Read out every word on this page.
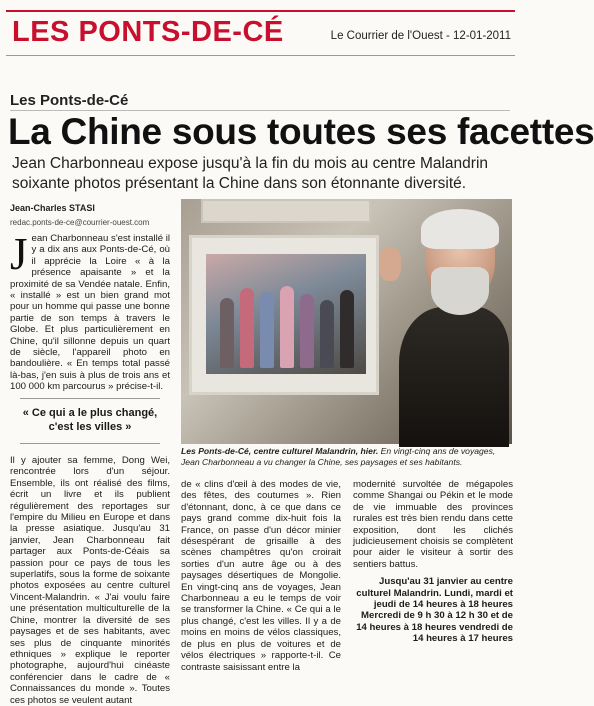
LES PONTS-DE-CÉ	Le Courrier de l'Ouest - 12-01-2011
Les Ponts-de-Cé
La Chine sous toutes ses facettes

Jean Charbonneau expose jusqu'à la fin du mois au centre Malandrin soixante photos présentant la Chine dans son étonnante diversité.

Jean-Charles STASI
redac.ponts-de-ce@courrier-ouest.com
J ean Charbonneau s'est installé il y a dix ans aux Ponts-de-Cé, où il apprécie la Loire « à la présence apaisante » et la proximité de sa Vendée natale. Enfin, « installé » est un bien grand mot pour un homme qui passe une bonne partie de son temps à travers le Globe. Et plus particulièrement en Chine, qu'il sillonne depuis un quart de siècle, l'appareil photo en bandoulière. « En temps total passé là-bas, j'en suis à plus de trois ans et 100 000 km parcourus » précise-t-il.
« Ce qui a le plus changé, c'est les villes »
Il y ajouter sa femme, Dong Wei, rencontrée lors d'un séjour. Ensemble, ils ont réalisé des films, écrit un livre et ils publient régulièrement des reportages sur l'empire du Milieu en Europe et dans la presse asiatique. Jusqu'au 31 janvier, Jean Charbonneau fait partager aux Ponts-de-Céais sa passion pour ce pays de tous les superlatifs, sous la forme de soixante photos exposées au centre culturel Vincent-Malandrin. « J'ai voulu faire une présentation multiculturelle de la Chine, montrer la diversité de ses paysages et de ses habitants, avec ses plus de cinquante minorités ethniques » explique le reporter photographe, aujourd'hui cinéaste conférencier dans le cadre de « Connaissances du monde ». Toutes ces photos se veulent autant
Les Ponts-de-Cé, centre culturel Malandrin, hier. En vingt-cinq ans de voyages, Jean Charbonneau a vu changer la Chine, ses paysages et ses habitants.
de « clins d'œil à des modes de vie, des fêtes, des coutumes ». Rien d'étonnant, donc, à ce que dans ce pays grand comme dix-huit fois la France, on passe d'un décor minier désespérant de grisaille à des scènes champêtres qu'on croirait sorties d'un autre âge ou à des paysages désertiques de Mongolie. En vingt-cinq ans de voyages, Jean Charbonneau a eu le temps de voir se transformer la Chine. « Ce qui a le plus changé, c'est les villes. Il y a de moins en moins de vélos classiques, de plus en plus de voitures et de vélos électriques » rapporte-t-il. Ce contraste saisissant entre la
modernité survoltée de mégapoles comme Shangai ou Pékin et le mode de vie immuable des provinces rurales est très bien rendu dans cette exposition, dont les clichés judicieusement choisis se complètent pour aider le visiteur à sortir des sentiers battus.
Jusqu'au 31 janvier au centre culturel Malandrin. Lundi, mardi et jeudi de 14 heures à 18 heures Mercredi de 9 h 30 à 12 h 30 et de 14 heures à 18 heures vendredi de 14 heures à 17 heures
